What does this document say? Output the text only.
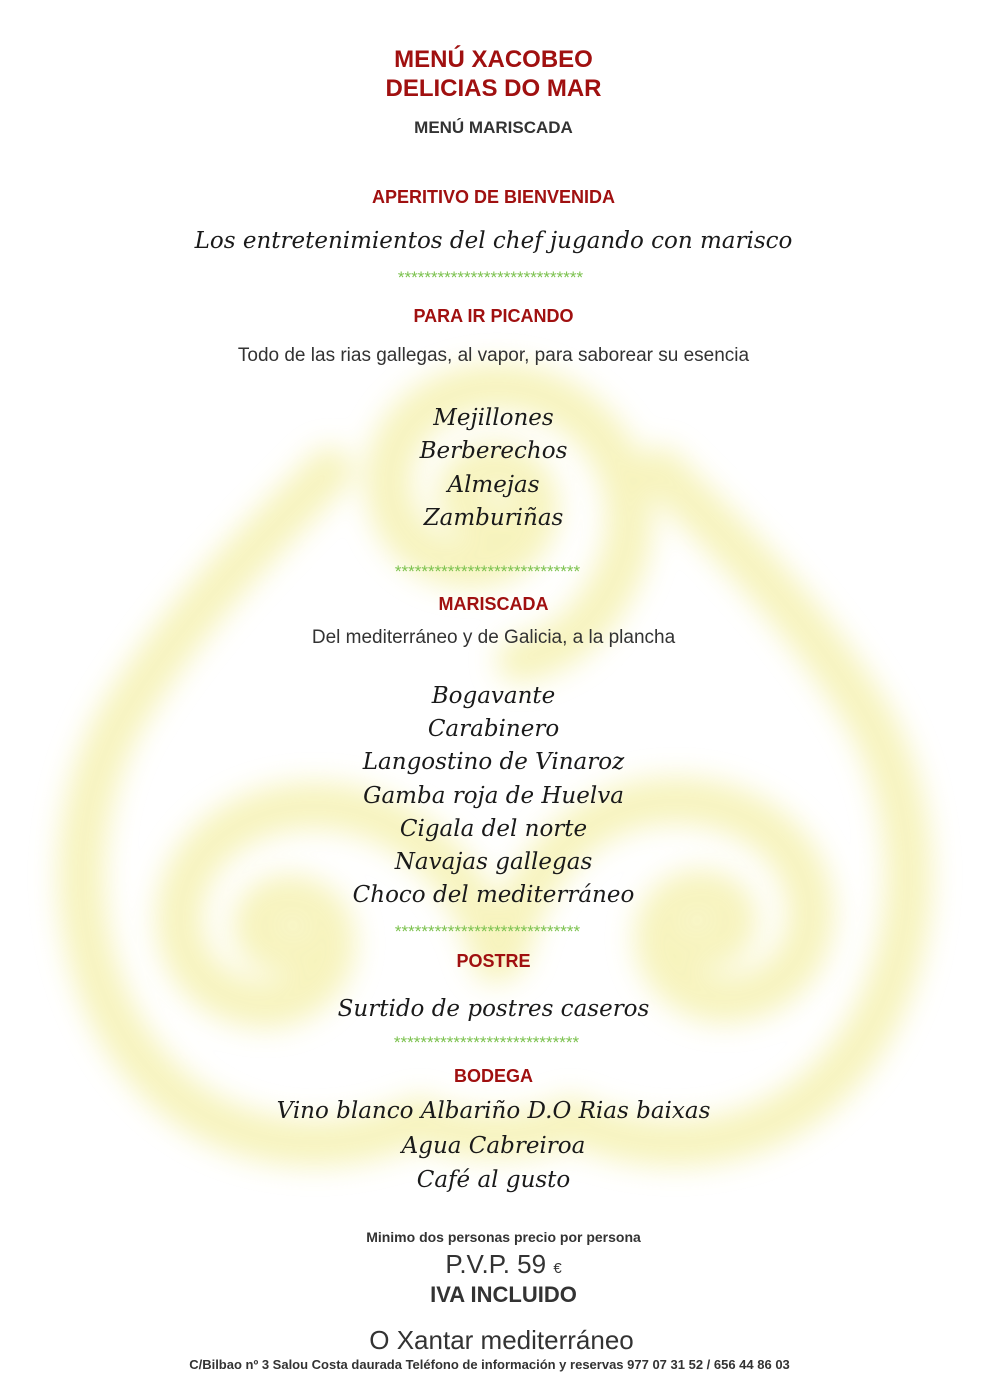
MENÚ XACOBEO
DELICIAS DO MAR
MENÚ MARISCADA
APERITIVO DE BIENVENIDA
Los entretenimientos del chef jugando con marisco
****************************
PARA IR PICANDO
Todo de las rias gallegas, al vapor, para saborear su esencia
Mejillones
Berberechos
Almejas
Zamburiñas
****************************
MARISCADA
Del mediterráneo y de Galicia, a la plancha
Bogavante
Carabinero
Langostino de Vinaroz
Gamba roja de Huelva
Cigala del norte
Navajas gallegas
Choco del mediterráneo
****************************
POSTRE
Surtido de postres caseros
****************************
BODEGA
Vino blanco Albariño D.O Rias baixas
Agua Cabreiroa
Café al gusto
Minimo dos personas precio por persona
P.V.P. 59 €
IVA INCLUIDO
O Xantar mediterráneo
C/Bilbao nº 3 Salou Costa daurada Teléfono de información y reservas 977 07 31 52 / 656 44 86 03
